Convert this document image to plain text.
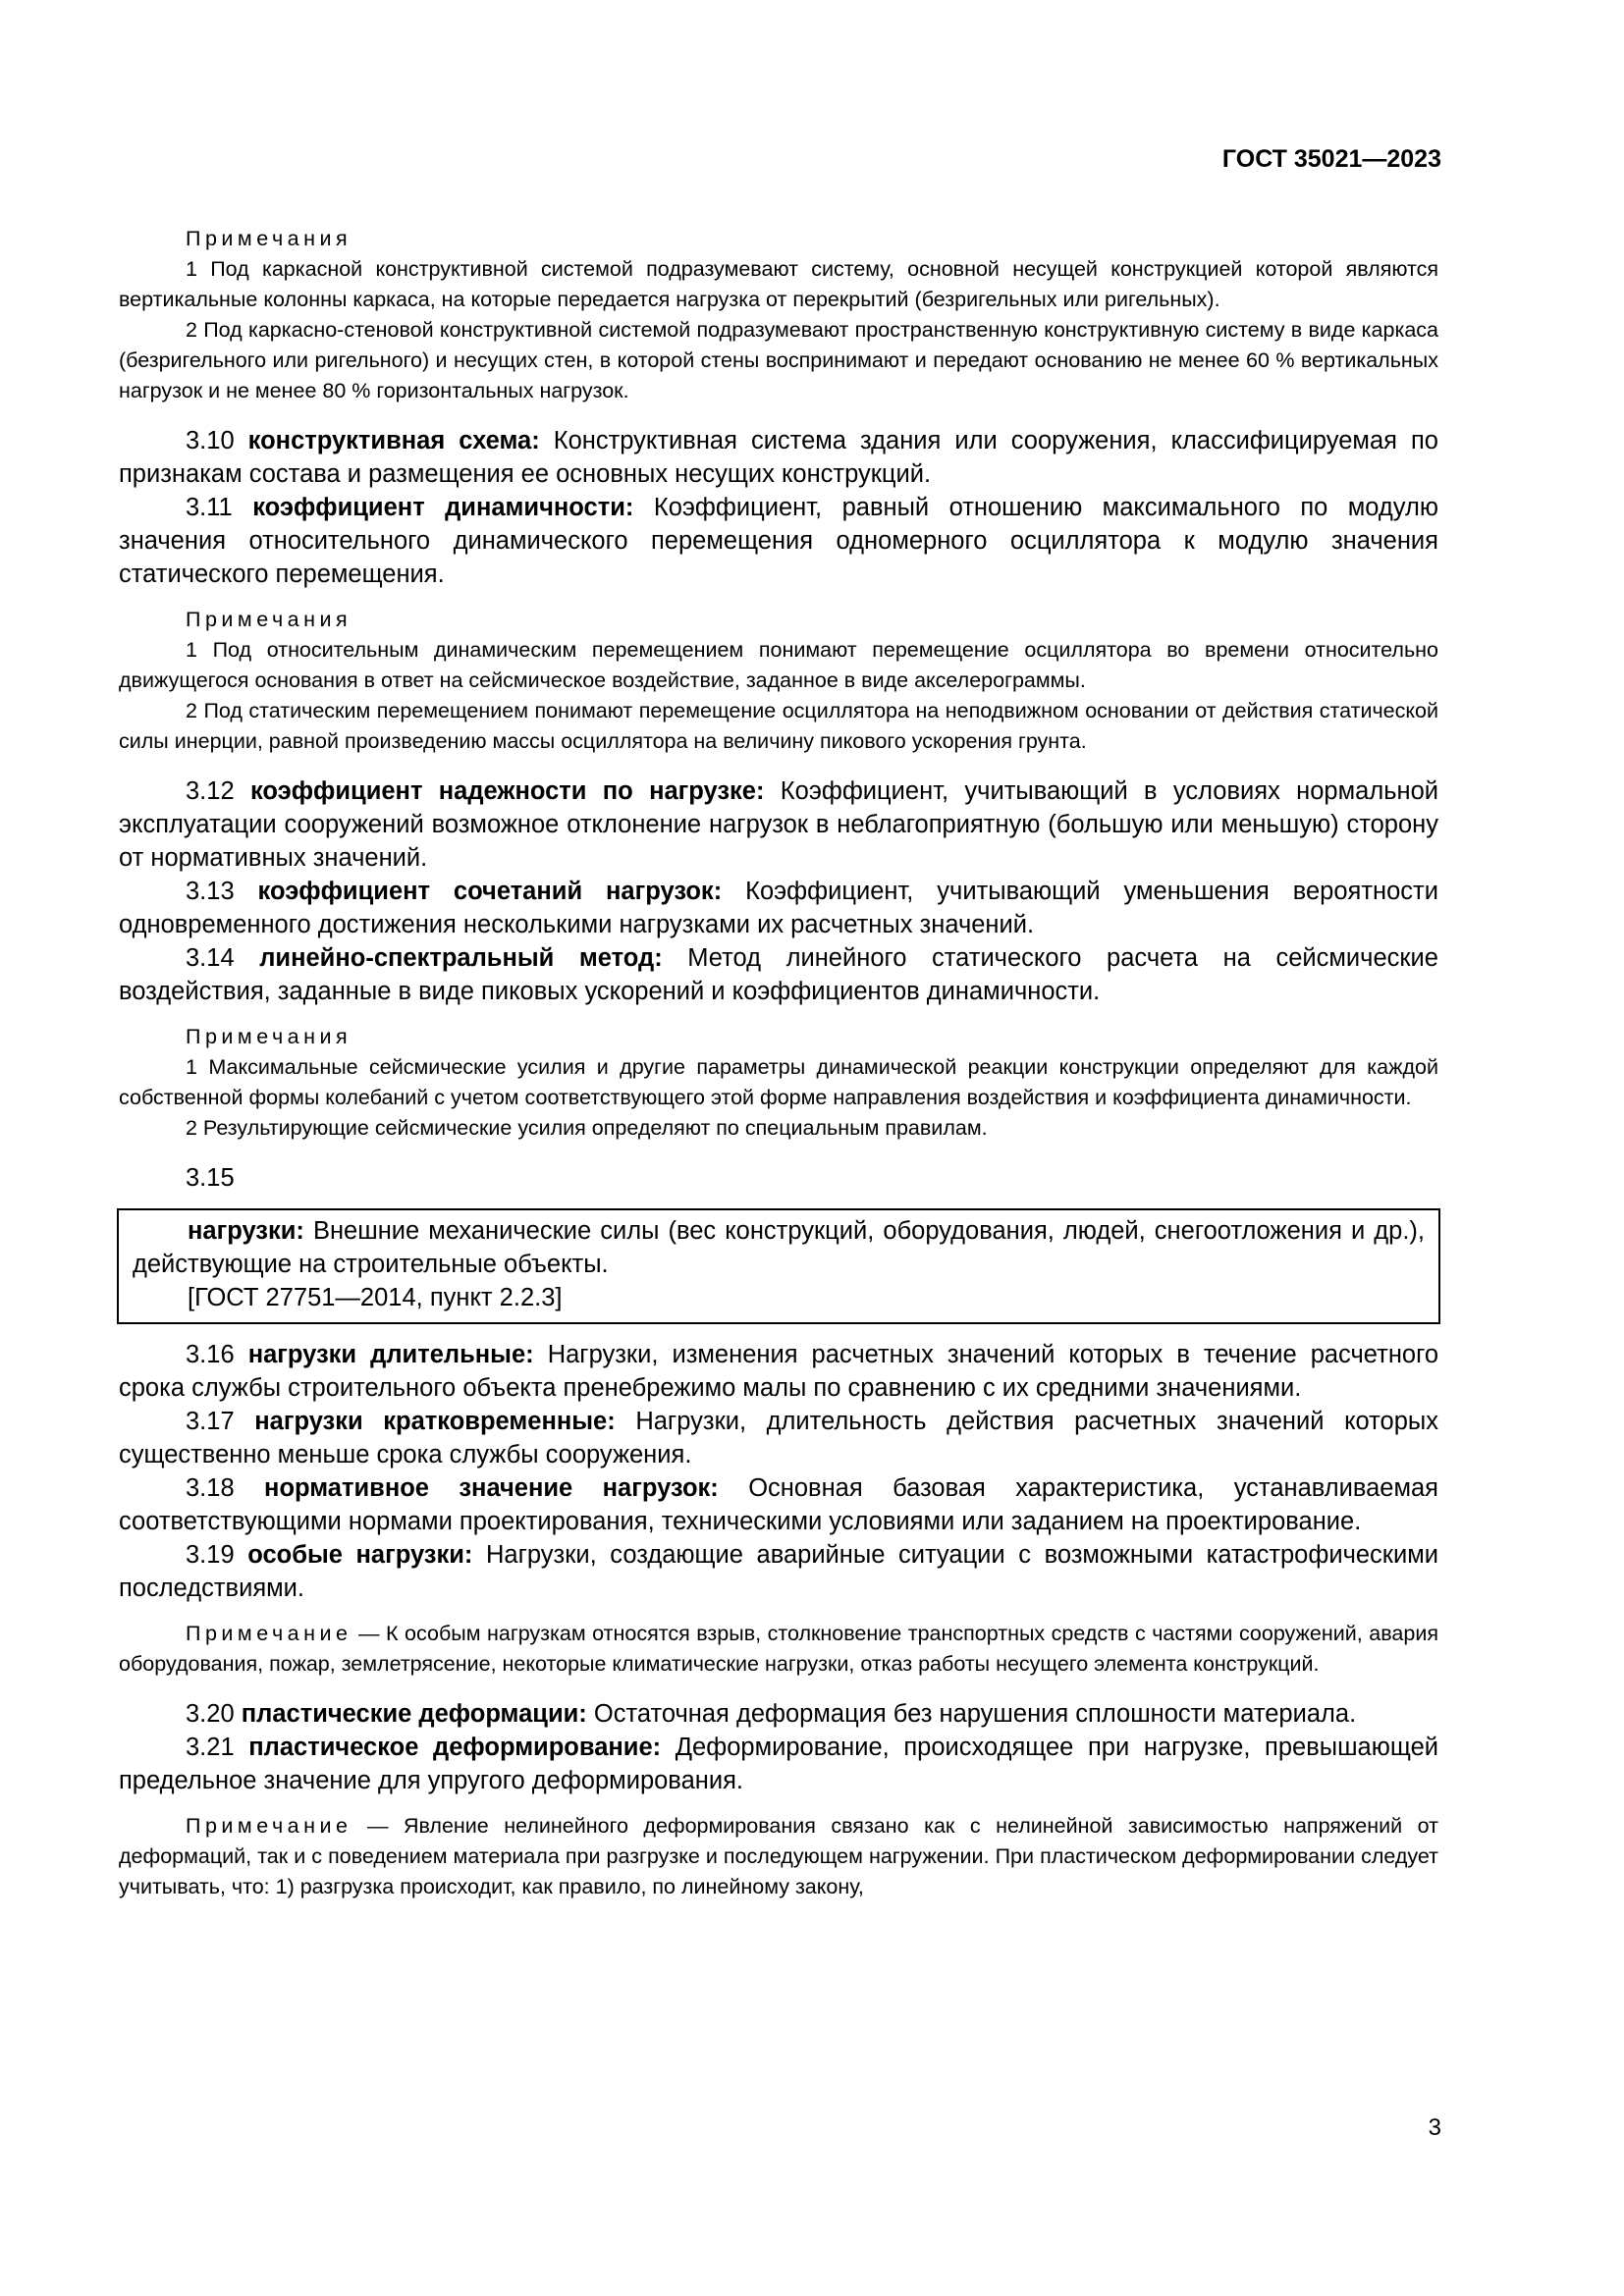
ГОСТ 35021—2023

Примечания

1 Под каркасной конструктивной системой подразумевают систему, основной несущей конструкцией которой являются вертикальные колонны каркаса, на которые передается нагрузка от перекрытий (безригельных или ригельных).

2 Под каркасно-стеновой конструктивной системой подразумевают пространственную конструктивную систему в виде каркаса (безригельного или ригельного) и несущих стен, в которой стены воспринимают и передают основанию не менее 60 % вертикальных нагрузок и не менее 80 % горизонтальных нагрузок.

3.10 конструктивная схема: Конструктивная система здания или сооружения, классифицируемая по признакам состава и размещения ее основных несущих конструкций.

3.11 коэффициент динамичности: Коэффициент, равный отношению максимального по модулю значения относительного динамического перемещения одномерного осциллятора к модулю значения статического перемещения.

Примечания

1 Под относительным динамическим перемещением понимают перемещение осциллятора во времени относительно движущегося основания в ответ на сейсмическое воздействие, заданное в виде акселерограммы.

2 Под статическим перемещением понимают перемещение осциллятора на неподвижном основании от действия статической силы инерции, равной произведению массы осциллятора на величину пикового ускорения грунта.

3.12 коэффициент надежности по нагрузке: Коэффициент, учитывающий в условиях нормальной эксплуатации сооружений возможное отклонение нагрузок в неблагоприятную (большую или меньшую) сторону от нормативных значений.

3.13 коэффициент сочетаний нагрузок: Коэффициент, учитывающий уменьшения вероятности одновременного достижения несколькими нагрузками их расчетных значений.

3.14 линейно-спектральный метод: Метод линейного статического расчета на сейсмические воздействия, заданные в виде пиковых ускорений и коэффициентов динамичности.

Примечания

1 Максимальные сейсмические усилия и другие параметры динамической реакции конструкции определяют для каждой собственной формы колебаний с учетом соответствующего этой форме направления воздействия и коэффициента динамичности.

2 Результирующие сейсмические усилия определяют по специальным правилам.

3.15

нагрузки: Внешние механические силы (вес конструкций, оборудования, людей, снегоотложения и др.), действующие на строительные объекты.

[ГОСТ 27751—2014, пункт 2.2.3]

3.16 нагрузки длительные: Нагрузки, изменения расчетных значений которых в течение расчетного срока службы строительного объекта пренебрежимо малы по сравнению с их средними значениями.

3.17 нагрузки кратковременные: Нагрузки, длительность действия расчетных значений которых существенно меньше срока службы сооружения.

3.18 нормативное значение нагрузок: Основная базовая характеристика, устанавливаемая соответствующими нормами проектирования, техническими условиями или заданием на проектирование.

3.19 особые нагрузки: Нагрузки, создающие аварийные ситуации с возможными катастрофическими последствиями.

Примечание — К особым нагрузкам относятся взрыв, столкновение транспортных средств с частями сооружений, авария оборудования, пожар, землетрясение, некоторые климатические нагрузки, отказ работы несущего элемента конструкций.

3.20 пластические деформации: Остаточная деформация без нарушения сплошности материала.

3.21 пластическое деформирование: Деформирование, происходящее при нагрузке, превышающей предельное значение для упругого деформирования.

Примечание — Явление нелинейного деформирования связано как с нелинейной зависимостью напряжений от деформаций, так и с поведением материала при разгрузке и последующем нагружении. При пластическом деформировании следует учитывать, что: 1) разгрузка происходит, как правило, по линейному закону,

3
